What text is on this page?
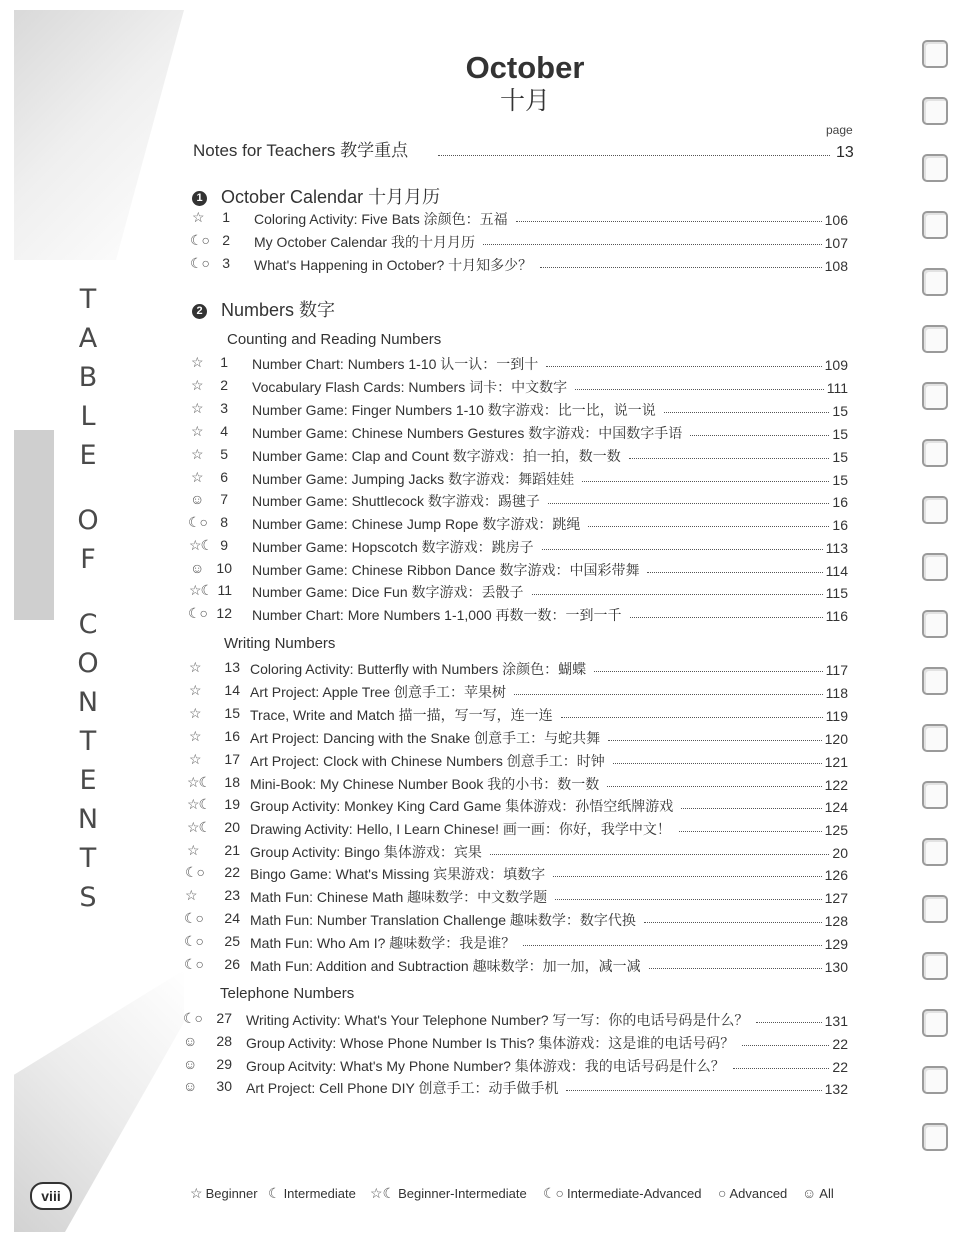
T
A
B
L
E
O
F
C
O
N
T
E
N
T
S
October
十月
page
Notes for Teachers 教学重点	13
1 October Calendar 十月月历
2 Numbers 数字
Counting and Reading Numbers
Writing Numbers
Telephone Numbers
☆	1 Coloring Activity: Five Bats 涂颜色：五福	106
☾○ 2 My October Calendar 我的十月月历	107
☾○ 3 What's Happening in October? 十月知多少？	108
☆	1 Number Chart: Numbers 1-10 认一认：一到十	109
☆	2 Vocabulary Flash Cards: Numbers 词卡：中文数字	111
☆	3 Number Game: Finger Numbers 1-10 数字游戏：比一比，说一说	15
☆	4 Number Game: Chinese Numbers Gestures 数字游戏：中国数字手语	15
☆	5 Number Game: Clap and Count 数字游戏：拍一拍，数一数	15
☆	6 Number Game: Jumping Jacks 数字游戏：舞蹈娃娃	15
☺	7 Number Game: Shuttlecock 数字游戏：踢毽子	16
☾○ 8 Number Game: Chinese Jump Rope 数字游戏：跳绳	16
☆☾ 9 Number Game: Hopscotch 数字游戏：跳房子	113
☺ 10 Number Game: Chinese Ribbon Dance 数字游戏：中国彩带舞	114
☆☾ 11 Number Game: Dice Fun 数字游戏：丢骰子	115
☾○ 12 Number Chart: More Numbers 1-1,000 再数一数：一到一千	116
☆	13 Coloring Activity: Butterfly with Numbers 涂颜色：蝴蝶	117
☆	14 Art Project: Apple Tree 创意手工：苹果树	118
☆	15 Trace, Write and Match 描一描，写一写，连一连	119
☆	16 Art Project: Dancing with the Snake 创意手工：与蛇共舞	120
☆	17 Art Project: Clock with Chinese Numbers 创意手工：时钟	121
☆☾	18 Mini-Book: My Chinese Number Book 我的小书：数一数	122
☆☾	19 Group Activity: Monkey King Card Game 集体游戏：孙悟空纸牌游戏	124
☆☾	20 Drawing Activity: Hello, I Learn Chinese! 画一画：你好，我学中文！	125
☆	21 Group Activity: Bingo 集体游戏：宾果	20
☾○	22 Bingo Game: What's Missing 宾果游戏：填数字	126
☆	23 Math Fun: Chinese Math 趣味数学：中文数学题	127
☾○	24 Math Fun: Number Translation Challenge 趣味数学：数字代换	128
☾○	25 Math Fun: Who Am I? 趣味数学：我是谁？	129
☾○	26 Math Fun: Addition and Subtraction 趣味数学：加一加，减一减	130
☾○	27 Writing Activity: What's Your Telephone Number? 写一写：你的电话号码是什么？	131
☺	28 Group Activity: Whose Phone Number Is This? 集体游戏：这是谁的电话号码？	22
☺	29 Group Acitvity: What's My Phone Number? 集体游戏：我的电话号码是什么？	22
☺	30 Art Project: Cell Phone DIY 创意手工：动手做手机	132
viii	☆ Beginner ☾ Intermediate ☆☾ Beginner-Intermediate ☾○ Intermediate-Advanced ○ Advanced ☺ All
